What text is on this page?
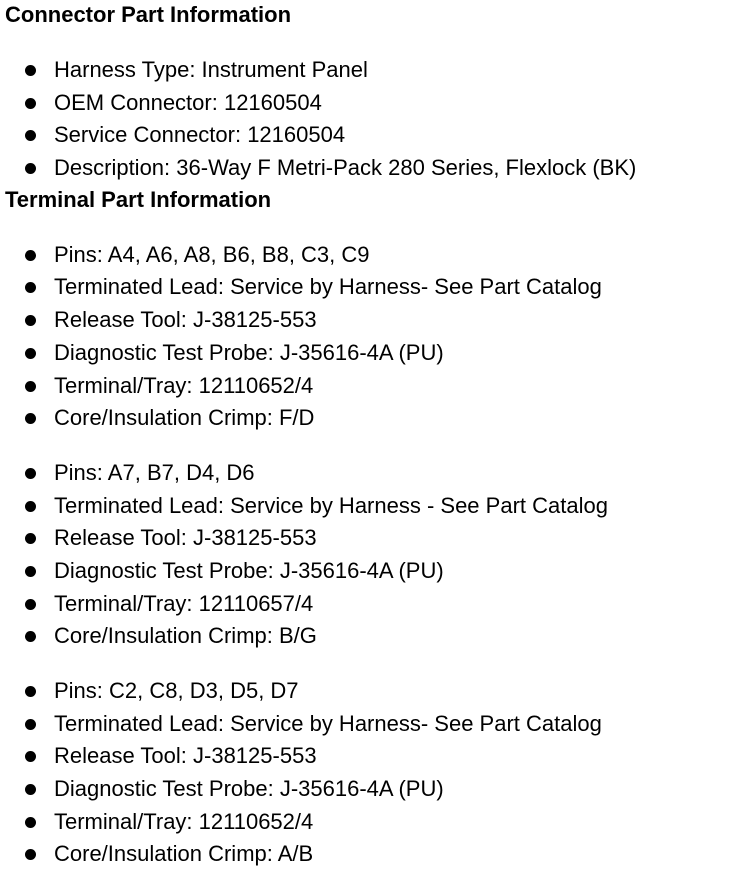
Connector Part Information
Harness Type: Instrument Panel
OEM Connector: 12160504
Service Connector: 12160504
Description: 36-Way F Metri-Pack 280 Series, Flexlock (BK)
Terminal Part Information
Pins: A4, A6, A8, B6, B8, C3, C9
Terminated Lead: Service by Harness- See Part Catalog
Release Tool: J-38125-553
Diagnostic Test Probe: J-35616-4A (PU)
Terminal/Tray: 12110652/4
Core/Insulation Crimp: F/D
Pins: A7, B7, D4, D6
Terminated Lead: Service by Harness - See Part Catalog
Release Tool: J-38125-553
Diagnostic Test Probe: J-35616-4A (PU)
Terminal/Tray: 12110657/4
Core/Insulation Crimp: B/G
Pins: C2, C8, D3, D5, D7
Terminated Lead: Service by Harness- See Part Catalog
Release Tool: J-38125-553
Diagnostic Test Probe: J-35616-4A (PU)
Terminal/Tray: 12110652/4
Core/Insulation Crimp: A/B
